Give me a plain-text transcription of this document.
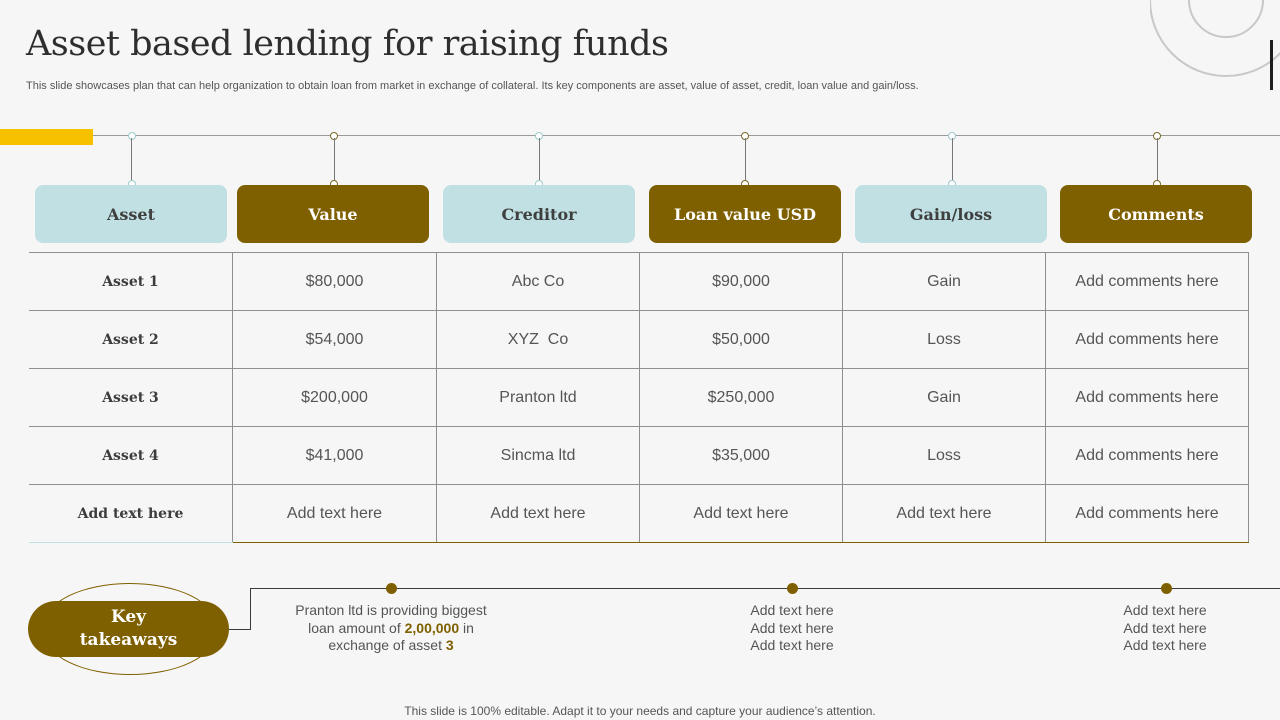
Asset based lending for raising funds
This slide showcases plan that can help organization to obtain loan from market in exchange of collateral. Its key components are asset, value of asset, credit, loan value and gain/loss.
Asset	Value	Creditor	Loan value USD	Gain/loss	Comments
Asset 1	$80,000	Abc Co	$90,000	Gain	Add comments here
Asset 2	$54,000	XYZ  Co	$50,000	Loss	Add comments here
Asset 3	$200,000	Pranton ltd	$250,000	Gain	Add comments here
Asset 4	$41,000	Sincma ltd	$35,000	Loss	Add comments here
Add text here	Add text here	Add text here	Add text here	Add text here	Add comments here
Key
takeaways
Pranton ltd is providing biggest
loan amount of 2,00,000 in
exchange of asset 3
Add text here
Add text here
Add text here
Add text here
Add text here
Add text here
This slide is 100% editable. Adapt it to your needs and capture your audience’s attention.
